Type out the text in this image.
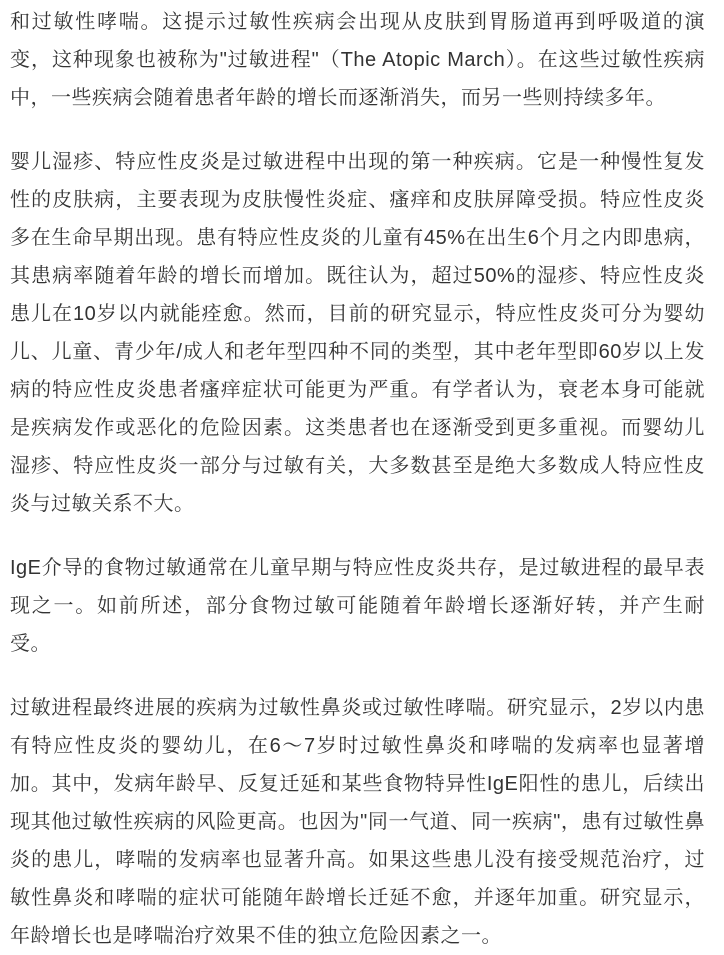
和过敏性哮喘。这提示过敏性疾病会出现从皮肤到胃肠道再到呼吸道的演变，这种现象也被称为"过敏进程"（The Atopic March）。在这些过敏性疾病中，一些疾病会随着患者年龄的增长而逐渐消失，而另一些则持续多年。

婴儿湿疹、特应性皮炎是过敏进程中出现的第一种疾病。它是一种慢性复发性的皮肤病，主要表现为皮肤慢性炎症、瘙痒和皮肤屏障受损。特应性皮炎多在生命早期出现。患有特应性皮炎的儿童有45%在出生6个月之内即患病，其患病率随着年龄的增长而增加。既往认为，超过50%的湿疹、特应性皮炎患儿在10岁以内就能痊愈。然而，目前的研究显示，特应性皮炎可分为婴幼儿、儿童、青少年/成人和老年型四种不同的类型，其中老年型即60岁以上发病的特应性皮炎患者瘙痒症状可能更为严重。有学者认为，衰老本身可能就是疾病发作或恶化的危险因素。这类患者也在逐渐受到更多重视。而婴幼儿湿疹、特应性皮炎一部分与过敏有关，大多数甚至是绝大多数成人特应性皮炎与过敏关系不大。

IgE介导的食物过敏通常在儿童早期与特应性皮炎共存，是过敏进程的最早表现之一。如前所述，部分食物过敏可能随着年龄增长逐渐好转，并产生耐受。

过敏进程最终进展的疾病为过敏性鼻炎或过敏性哮喘。研究显示，2岁以内患有特应性皮炎的婴幼儿，在6～7岁时过敏性鼻炎和哮喘的发病率也显著增加。其中，发病年龄早、反复迁延和某些食物特异性IgE阳性的患儿，后续出现其他过敏性疾病的风险更高。也因为"同一气道、同一疾病"，患有过敏性鼻炎的患儿，哮喘的发病率也显著升高。如果这些患儿没有接受规范治疗，过敏性鼻炎和哮喘的症状可能随年龄增长迁延不愈，并逐年加重。研究显示，年龄增长也是哮喘治疗效果不佳的独立危险因素之一。
